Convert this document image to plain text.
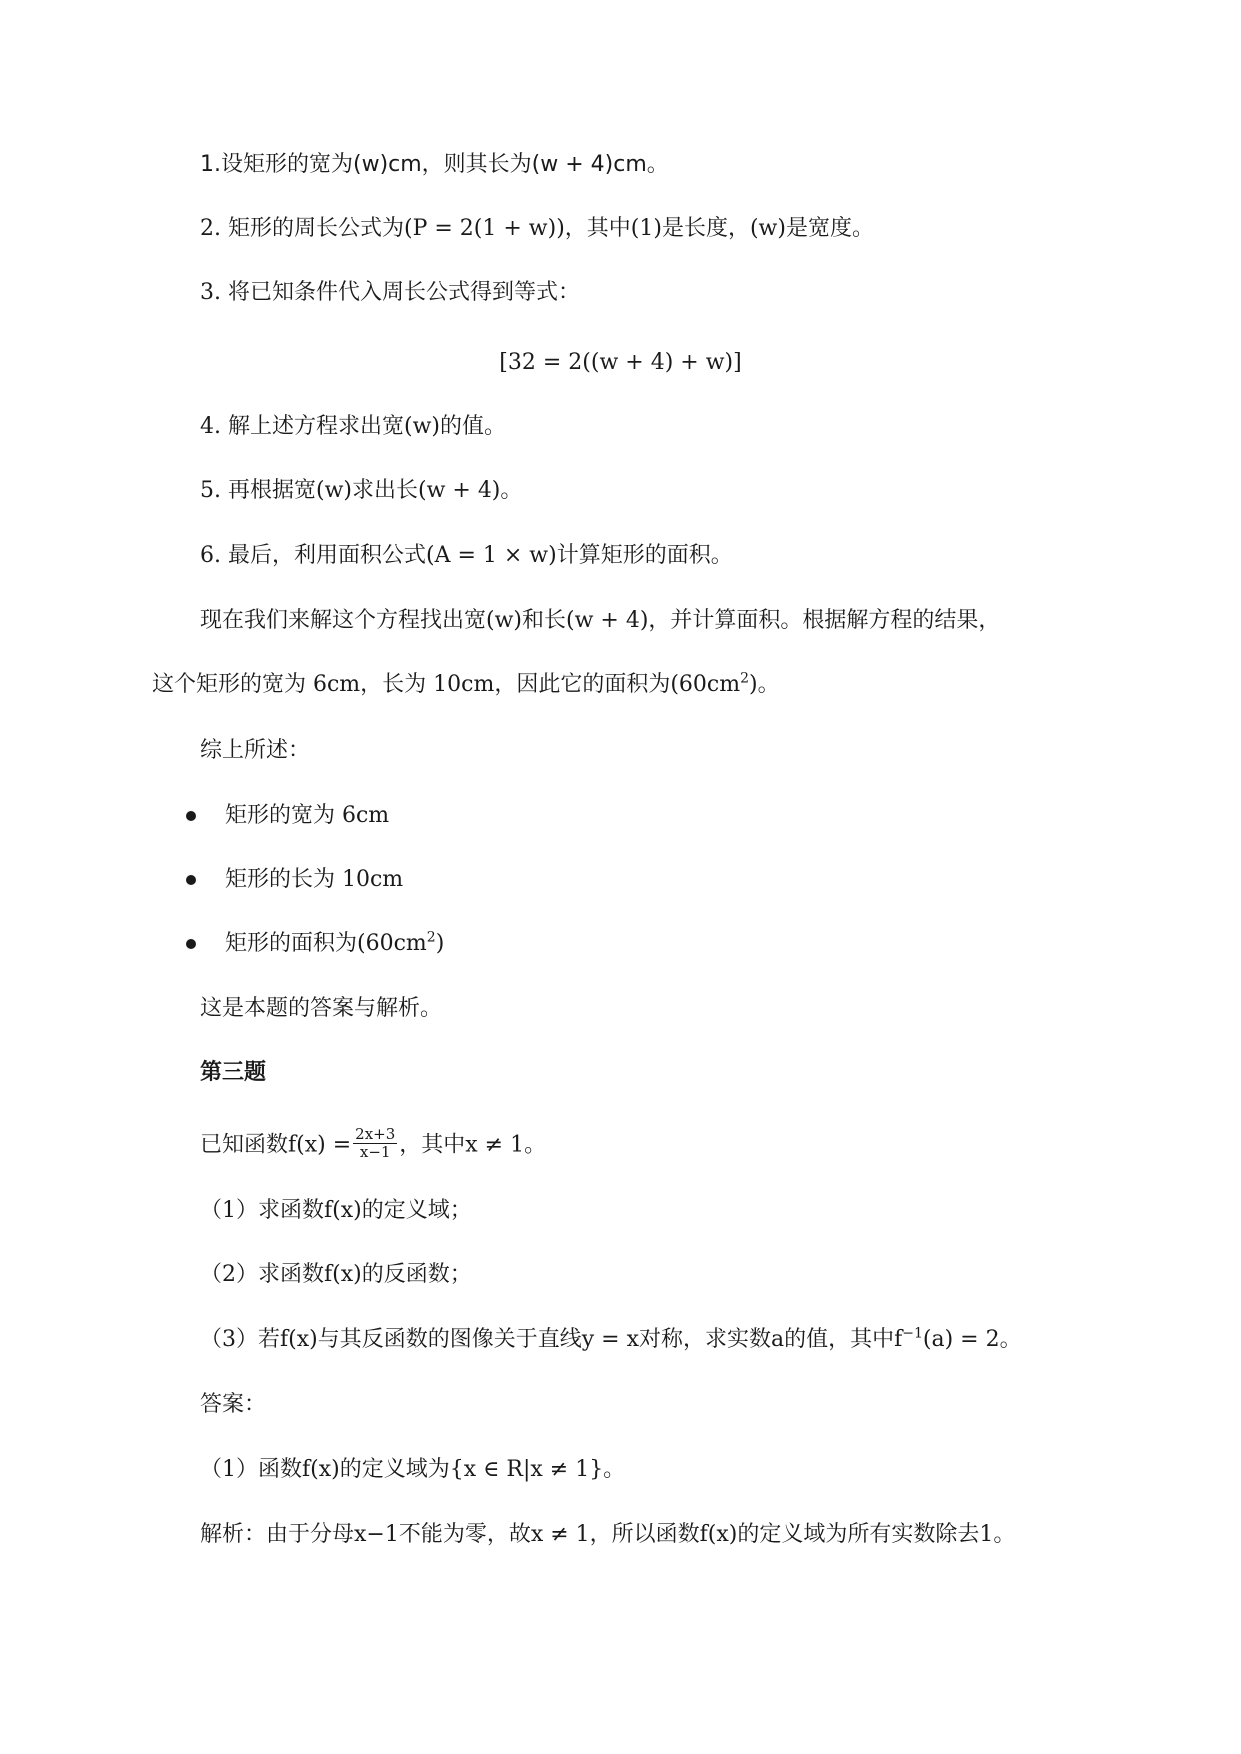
1.设矩形的宽为(w)cm，则其长为(w + 4)cm。
2. 矩形的周长公式为(P = 2(1 + w))，其中(1)是长度，(w)是宽度。
3. 将已知条件代入周长公式得到等式：
[32 = 2((w + 4) + w)]
4. 解上述方程求出宽(w)的值。
5. 再根据宽(w)求出长(w + 4)。
6. 最后，利用面积公式(A = 1 × w)计算矩形的面积。
现在我们来解这个方程找出宽(w)和长(w + 4)，并计算面积。根据解方程的结果，
这个矩形的宽为 6cm，长为 10cm，因此它的面积为$(60cm^2)$。
综上所述：
矩形的宽为 6cm
矩形的长为 10cm
矩形的面积为$(60cm^2)$
这是本题的答案与解析。
第三题
已知函数$f(x) = \frac{2x+3}{x-1}$ ，其中x ≠ 1。
（1）求函数f(x)的定义域；
（2）求函数f(x)的反函数；
（3）若f(x)与其反函数的图像关于直线y = x对称，求实数a的值，其中$f^{-1}(a) = 2$。
答案：
（1）函数f(x)的定义域为{x ∈ R|x ≠ 1}。
解析：由于分母x−1不能为零，故x ≠ 1，所以函数f(x)的定义域为所有实数除去1。
